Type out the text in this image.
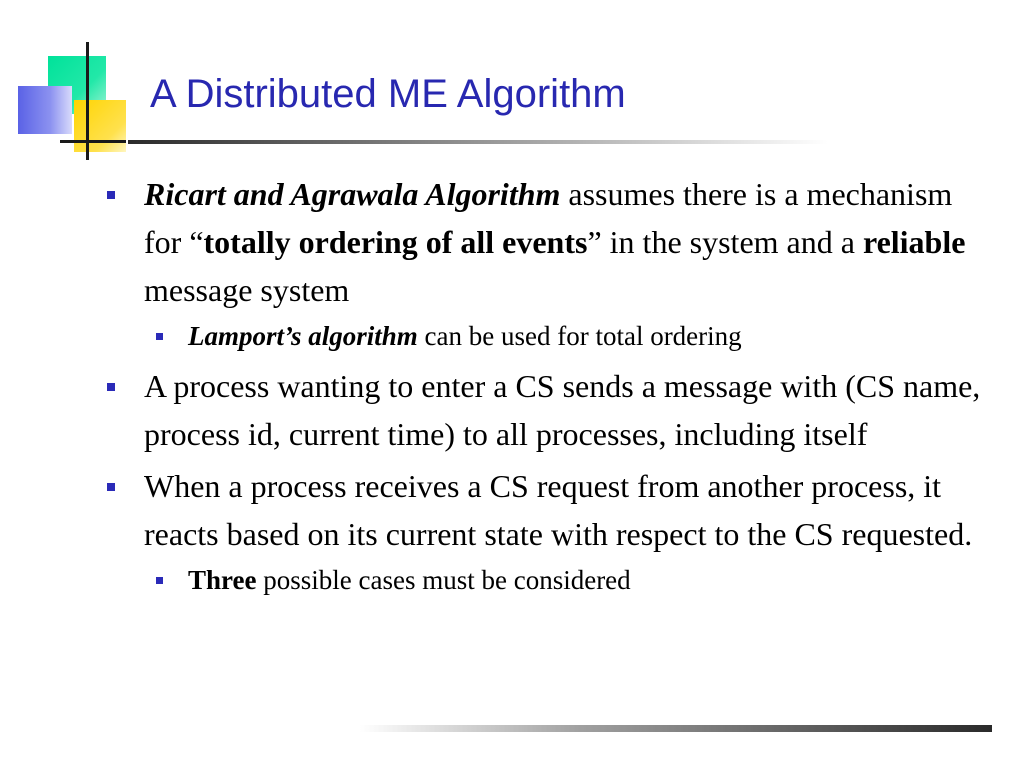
A Distributed ME Algorithm
Ricart and Agrawala Algorithm assumes there is a mechanism for “totally ordering of all events” in the system and a reliable message system
Lamport’s algorithm can be used for total ordering
A process wanting to enter a CS sends a message with (CS name, process id, current time) to all processes, including itself
When a process receives a CS request from another process, it reacts based on its current state with respect to the CS requested.
Three possible cases must be considered
